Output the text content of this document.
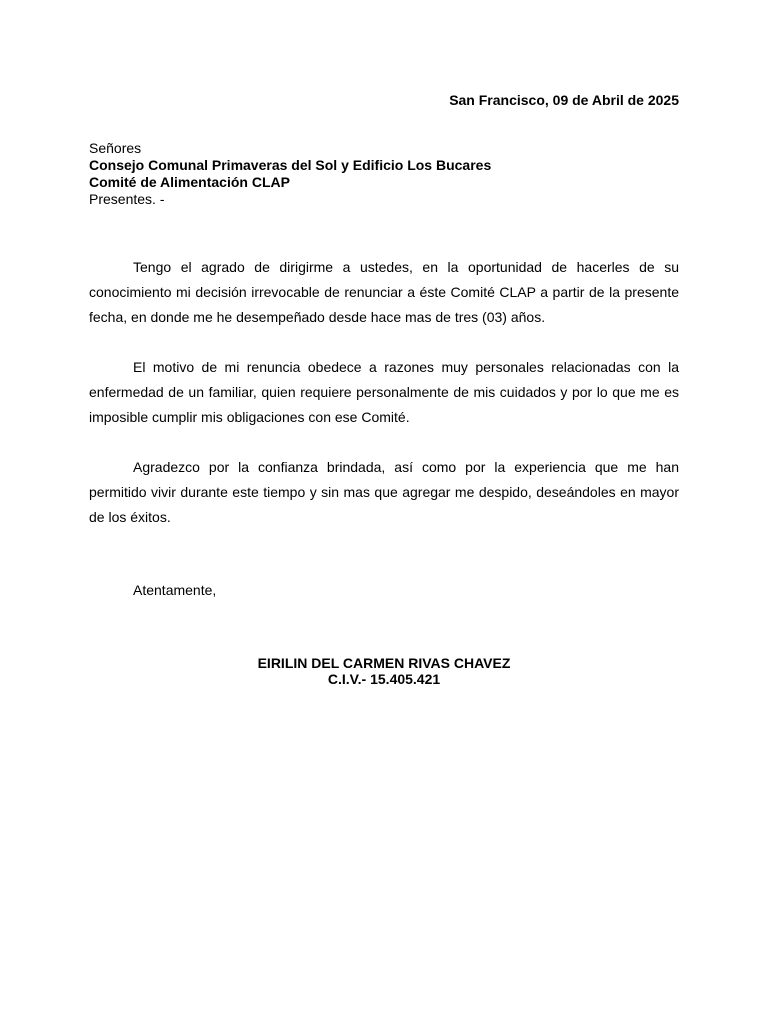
San Francisco, 09 de Abril de 2025
Señores
Consejo Comunal Primaveras del Sol y Edificio Los Bucares
Comité de Alimentación CLAP
Presentes. -

Tengo el agrado de dirigirme a ustedes, en la oportunidad de hacerles de su conocimiento mi decisión irrevocable de renunciar a éste Comité CLAP a partir de la presente fecha, en donde me he desempeñado desde hace mas de tres (03) años.

El motivo de mi renuncia obedece a razones muy personales relacionadas con la enfermedad de un familiar, quien requiere personalmente de mis cuidados y por lo que me es imposible cumplir mis obligaciones con ese Comité.

Agradezco por la confianza brindada, así como por la experiencia que me han permitido vivir durante este tiempo y sin mas que agregar me despido, deseándoles en mayor de los éxitos.

Atentamente,
EIRILIN DEL CARMEN RIVAS CHAVEZ
C.I.V.- 15.405.421
